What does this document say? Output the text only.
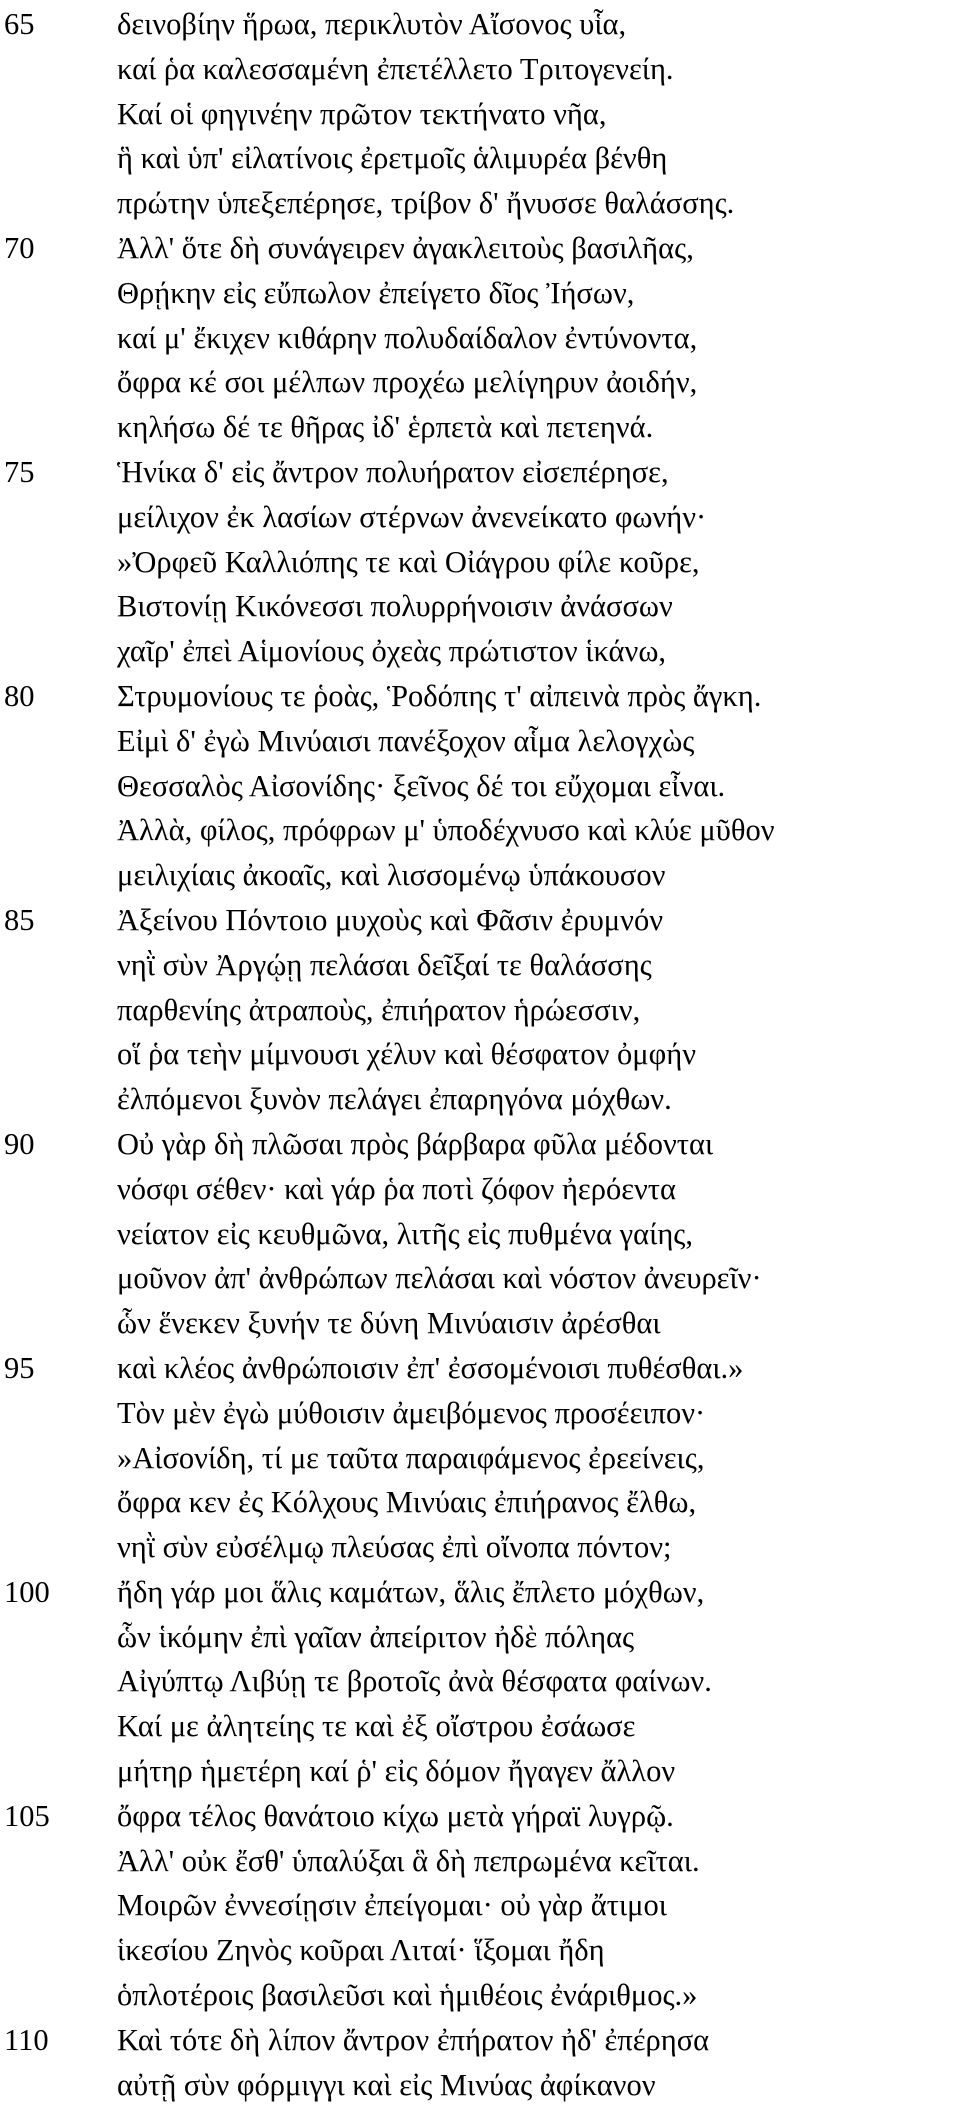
65	δεινοβίην ἥρωα, περικλυτὸν Αἴσονος υἷα,
καί ῥα καλεσσαμένη ἐπετέλλετο Τριτογενείη.
Καί οἱ φηγινέην πρῶτον τεκτήνατο νῆα,
ἣ καὶ ὑπ' εἰλατίνοις ἐρετμοῖς ἁλιμυρέα βένθη
πρώτην ὑπεξεπέρησε, τρίβον δ' ἤνυσσε θαλάσσης.
70	Ἀλλ' ὅτε δὴ συνάγειρεν ἀγακλειτοὺς βασιλῆας,
Θρῄκην εἰς εὔπωλον ἐπείγετο δῖος Ἰήσων,
καί μ' ἔκιχεν κιθάρην πολυδαίδαλον ἐντύνοντα,
ὄφρα κέ σοι μέλπων προχέω μελίγηρυν ἀοιδήν,
κηλήσω δέ τε θῆρας ἰδ' ἑρπετὰ καὶ πετεηνά.
75	Ἡνίκα δ' εἰς ἄντρον πολυήρατον εἰσεπέρησε,
μείλιχον ἐκ λασίων στέρνων ἀνενείκατο φωνήν·
»Ὀρφεῦ Καλλιόπης τε καὶ Οἰάγρου φίλε κοῦρε,
Βιστονίῃ Κικόνεσσι πολυρρήνοισιν ἀνάσσων
χαῖρ' ἐπεὶ Αἱμονίους ὀχεὰς πρώτιστον ἱκάνω,
80	Στρυμονίους τε ῥοὰς, Ῥοδόπης τ' αἰπεινὰ πρὸς ἄγκη.
Εἰμὶ δ' ἐγὼ Μινύαισι πανέξοχον αἷμα λελογχὼς
Θεσσαλὸς Αἰσονίδης· ξεῖνος δέ τοι εὔχομαι εἶναι.
Ἀλλὰ, φίλος, πρόφρων μ' ὑποδέχνυσο καὶ κλύε μῦθον
μειλιχίαις ἀκοαῖς, καὶ λισσομένῳ ὑπάκουσον
85	Ἀξείνου Πόντοιο μυχοὺς καὶ Φᾶσιν ἐρυμνόν
νηῒ σὺν Ἀργῴῃ πελάσαι δεῖξαί τε θαλάσσης
παρθενίης ἀτραποὺς, ἐπιήρατον ἡρώεσσιν,
οἵ ῥα τεὴν μίμνουσι χέλυν καὶ θέσφατον ὀμφήν
ἐλπόμενοι ξυνὸν πελάγει ἐπαρηγόνα μόχθων.
90	Οὐ γὰρ δὴ πλῶσαι πρὸς βάρβαρα φῦλα μέδονται
νόσφι σέθεν· καὶ γάρ ῥα ποτὶ ζόφον ἠερόεντα
νείατον εἰς κευθμῶνα, λιτῆς εἰς πυθμένα γαίης,
μοῦνον ἀπ' ἀνθρώπων πελάσαι καὶ νόστον ἀνευρεῖν·
ὧν ἕνεκεν ξυνήν τε δύνη Μινύαισιν ἀρέσθαι
95	καὶ κλέος ἀνθρώποισιν ἐπ' ἐσσομένοισι πυθέσθαι.»
Τὸν μὲν ἐγὼ μύθοισιν ἀμειβόμενος προσέειπον·
»Αἰσονίδη, τί με ταῦτα παραιφάμενος ἐρεείνεις,
ὄφρα κεν ἐς Κόλχους Μινύαις ἐπιήρανος ἔλθω,
νηῒ σὺν εὐσέλμῳ πλεύσας ἐπὶ οἴνοπα πόντον;
100	ἤδη γάρ μοι ἅλις καμάτων, ἅλις ἔπλετο μόχθων,
ὧν ἱκόμην ἐπὶ γαῖαν ἀπείριτον ἠδὲ πόληας
Αἰγύπτῳ Λιβύῃ τε βροτοῖς ἀνὰ θέσφατα φαίνων.
Καί με ἀλητείης τε καὶ ἐξ οἴστρου ἐσάωσε
μήτηρ ἡμετέρη καί ῥ' εἰς δόμον ἤγαγεν ἄλλον
105	ὄφρα τέλος θανάτοιο κίχω μετὰ γήραϊ λυγρῷ.
Ἀλλ' οὐκ ἔσθ' ὑπαλύξαι ἃ δὴ πεπρωμένα κεῖται.
Μοιρῶν ἐννεσίῃσιν ἐπείγομαι· οὐ γὰρ ἄτιμοι
ἱκεσίου Ζηνὸς κοῦραι Λιταί· ἵξομαι ἤδη
ὁπλοτέροις βασιλεῦσι καὶ ἡμιθέοις ἐνάριθμος.»
110	Καὶ τότε δὴ λίπον ἄντρον ἐπήρατον ἠδ' ἐπέρησα
αὐτῇ σὺν φόρμιγγι καὶ εἰς Μινύας ἀφίκανον
